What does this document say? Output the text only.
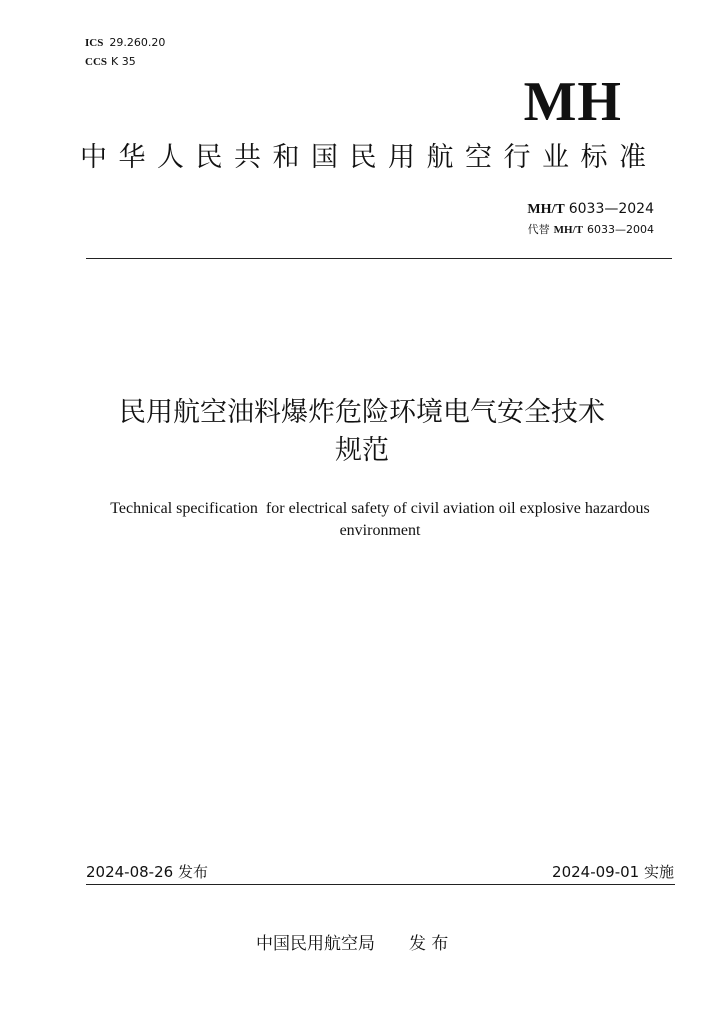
ICS 29.260.20
CCS K 35
MH
中华人民共和国民用航空行业标准
MH/T 6033—2024
代替 MH/T 6033—2004
民用航空油料爆炸危险环境电气安全技术
规范
Technical specification  for electrical safety of civil aviation oil explosive hazardous
environment
2024-08-26 发布	2024-09-01 实施
中国民用航空局 发 布
